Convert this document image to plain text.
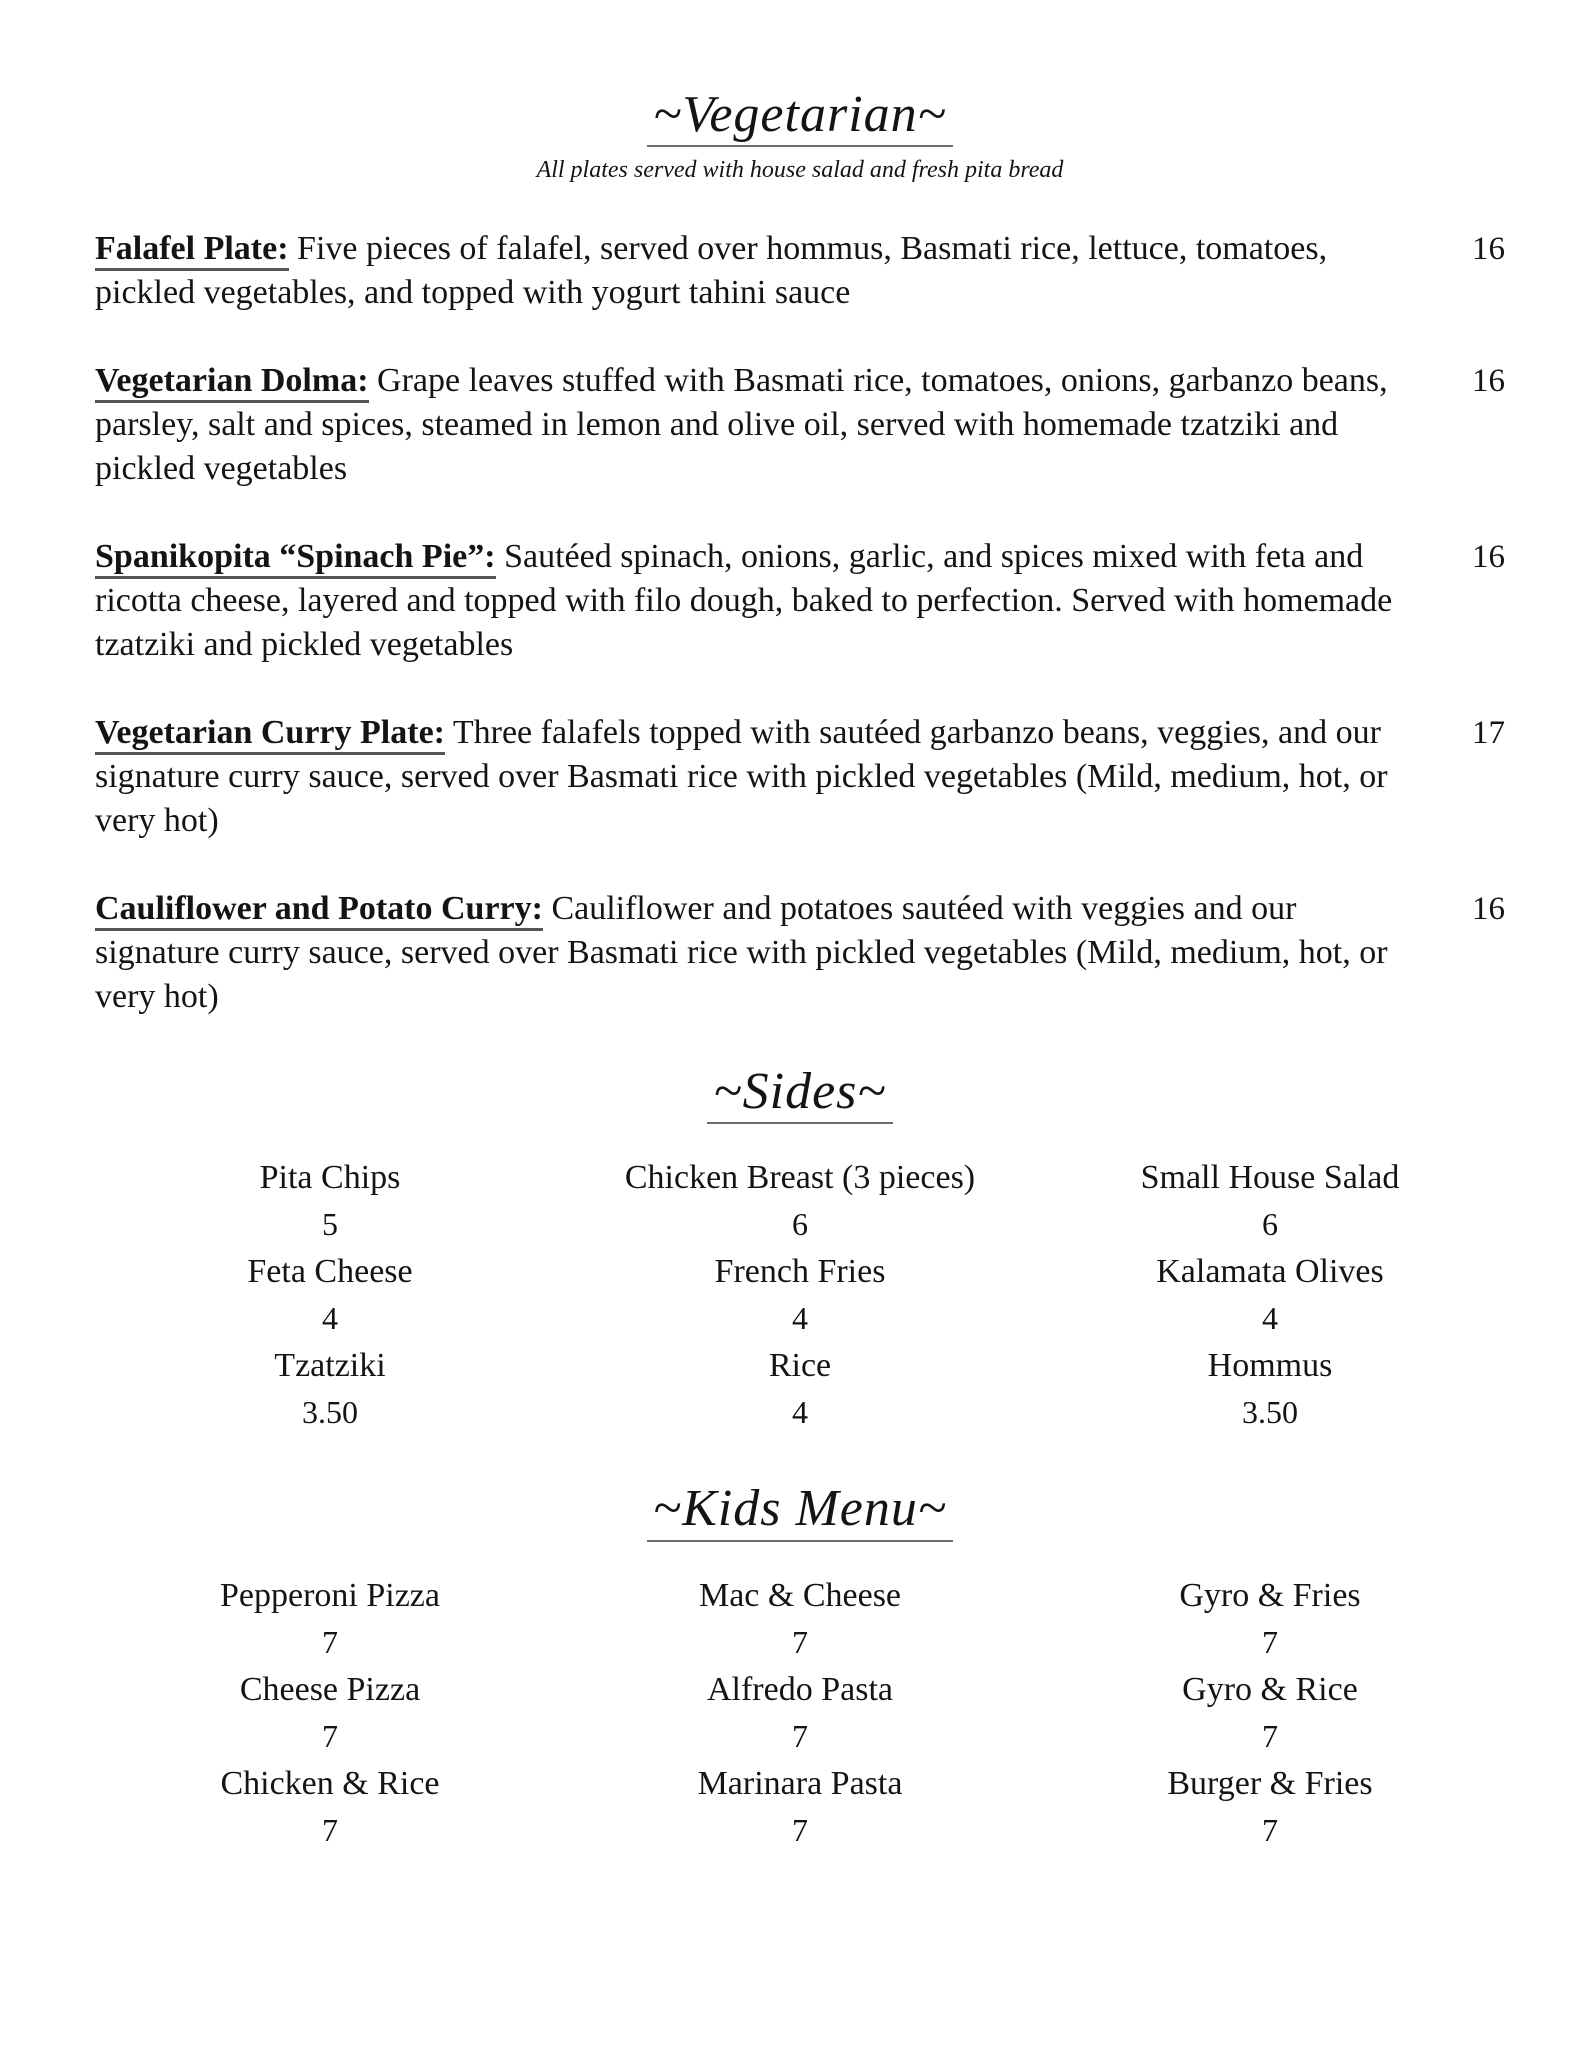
~Vegetarian~

All plates served with house salad and fresh pita bread

Falafel Plate: Five pieces of falafel, served over hommus, Basmati rice, lettuce, tomatoes, pickled vegetables, and topped with yogurt tahini sauce

16

Vegetarian Dolma: Grape leaves stuffed with Basmati rice, tomatoes, onions, garbanzo beans, parsley, salt and spices, steamed in lemon and olive oil, served with homemade tzatziki and pickled vegetables

16

Spanikopita “Spinach Pie”: Sautéed spinach, onions, garlic, and spices mixed with feta and ricotta cheese, layered and topped with filo dough, baked to perfection. Served with homemade tzatziki and pickled vegetables

16

Vegetarian Curry Plate: Three falafels topped with sautéed garbanzo beans, veggies, and our signature curry sauce, served over Basmati rice with pickled vegetables (Mild, medium, hot, or very hot)

17

Cauliflower and Potato Curry: Cauliflower and potatoes sautéed with veggies and our signature curry sauce, served over Basmati rice with pickled vegetables (Mild, medium, hot, or very hot)

16
~Sides~
Pita Chips
5
Feta Cheese
4
Tzatziki
3.50
Chicken Breast (3 pieces)
6
French Fries
4
Rice
4
Small House Salad
6
Kalamata Olives
4
Hommus
3.50
~Kids Menu~
Pepperoni Pizza
7
Cheese Pizza
7
Chicken & Rice
7
Mac & Cheese
7
Alfredo Pasta
7
Marinara Pasta
7
Gyro & Fries
7
Gyro & Rice
7
Burger & Fries
7
